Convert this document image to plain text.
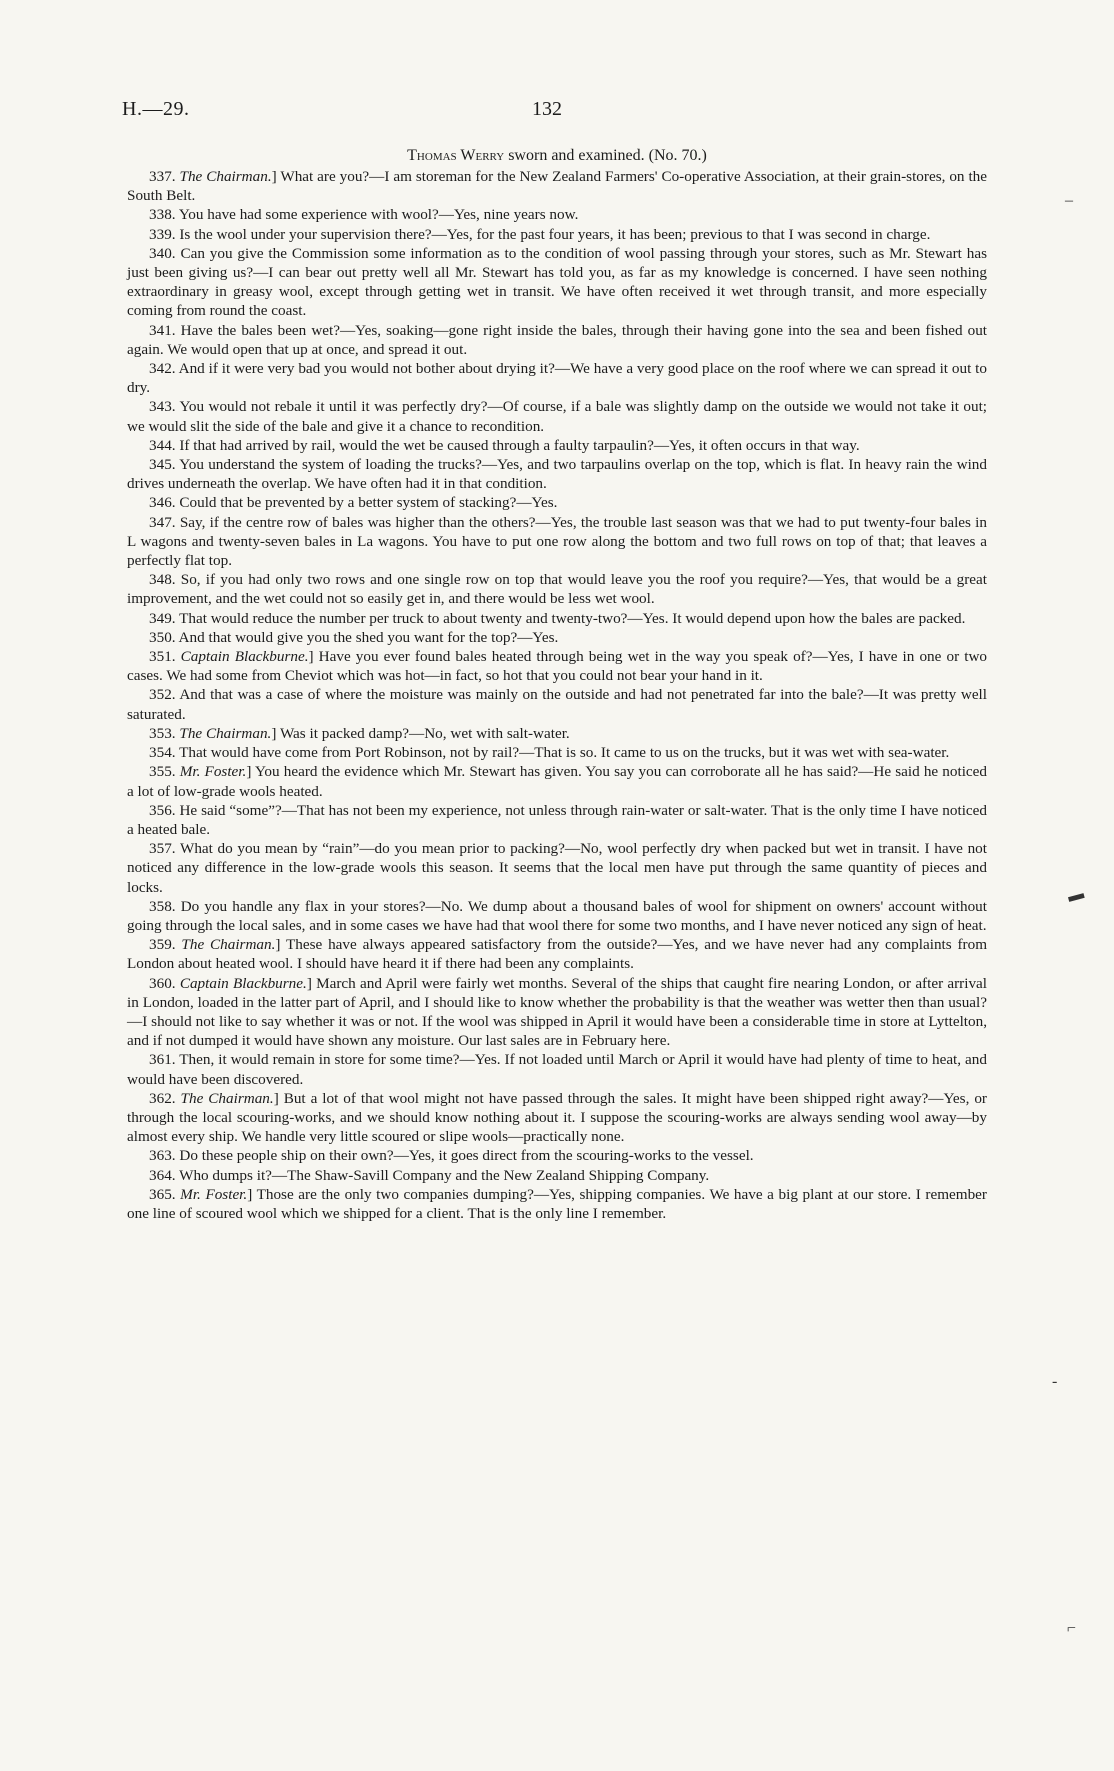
H.—29.	132
Thomas Werry sworn and examined. (No. 70.)

337. The Chairman.] What are you?—I am storeman for the New Zealand Farmers' Co-operative Association, at their grain-stores, on the South Belt.

338. You have had some experience with wool?—Yes, nine years now.

339. Is the wool under your supervision there?—Yes, for the past four years, it has been; previous to that I was second in charge.

340. Can you give the Commission some information as to the condition of wool passing through your stores, such as Mr. Stewart has just been giving us?—I can bear out pretty well all Mr. Stewart has told you, as far as my knowledge is concerned. I have seen nothing extraordinary in greasy wool, except through getting wet in transit. We have often received it wet through transit, and more especially coming from round the coast.

341. Have the bales been wet?—Yes, soaking—gone right inside the bales, through their having gone into the sea and been fished out again. We would open that up at once, and spread it out.

342. And if it were very bad you would not bother about drying it?—We have a very good place on the roof where we can spread it out to dry.

343. You would not rebale it until it was perfectly dry?—Of course, if a bale was slightly damp on the outside we would not take it out; we would slit the side of the bale and give it a chance to recondition.

344. If that had arrived by rail, would the wet be caused through a faulty tarpaulin?—Yes, it often occurs in that way.

345. You understand the system of loading the trucks?—Yes, and two tarpaulins overlap on the top, which is flat. In heavy rain the wind drives underneath the overlap. We have often had it in that condition.

346. Could that be prevented by a better system of stacking?—Yes.

347. Say, if the centre row of bales was higher than the others?—Yes, the trouble last season was that we had to put twenty-four bales in L wagons and twenty-seven bales in La wagons. You have to put one row along the bottom and two full rows on top of that; that leaves a perfectly flat top.

348. So, if you had only two rows and one single row on top that would leave you the roof you require?—Yes, that would be a great improvement, and the wet could not so easily get in, and there would be less wet wool.

349. That would reduce the number per truck to about twenty and twenty-two?—Yes. It would depend upon how the bales are packed.

350. And that would give you the shed you want for the top?—Yes.

351. Captain Blackburne.] Have you ever found bales heated through being wet in the way you speak of?—Yes, I have in one or two cases. We had some from Cheviot which was hot—in fact, so hot that you could not bear your hand in it.

352. And that was a case of where the moisture was mainly on the outside and had not penetrated far into the bale?—It was pretty well saturated.

353. The Chairman.] Was it packed damp?—No, wet with salt-water.

354. That would have come from Port Robinson, not by rail?—That is so. It came to us on the trucks, but it was wet with sea-water.

355. Mr. Foster.] You heard the evidence which Mr. Stewart has given. You say you can corroborate all he has said?—He said he noticed a lot of low-grade wools heated.

356. He said “some”?—That has not been my experience, not unless through rain-water or salt-water. That is the only time I have noticed a heated bale.

357. What do you mean by “rain”—do you mean prior to packing?—No, wool perfectly dry when packed but wet in transit. I have not noticed any difference in the low-grade wools this season. It seems that the local men have put through the same quantity of pieces and locks.

358. Do you handle any flax in your stores?—No. We dump about a thousand bales of wool for shipment on owners' account without going through the local sales, and in some cases we have had that wool there for some two months, and I have never noticed any sign of heat.

359. The Chairman.] These have always appeared satisfactory from the outside?—Yes, and we have never had any complaints from London about heated wool. I should have heard it if there had been any complaints.

360. Captain Blackburne.] March and April were fairly wet months. Several of the ships that caught fire nearing London, or after arrival in London, loaded in the latter part of April, and I should like to know whether the probability is that the weather was wetter then than usual?—I should not like to say whether it was or not. If the wool was shipped in April it would have been a considerable time in store at Lyttelton, and if not dumped it would have shown any moisture. Our last sales are in February here.

361. Then, it would remain in store for some time?—Yes. If not loaded until March or April it would have had plenty of time to heat, and would have been discovered.

362. The Chairman.] But a lot of that wool might not have passed through the sales. It might have been shipped right away?—Yes, or through the local scouring-works, and we should know nothing about it. I suppose the scouring-works are always sending wool away—by almost every ship. We handle very little scoured or slipe wools—practically none.

363. Do these people ship on their own?—Yes, it goes direct from the scouring-works to the vessel.

364. Who dumps it?—The Shaw-Savill Company and the New Zealand Shipping Company.

365. Mr. Foster.] Those are the only two companies dumping?—Yes, shipping companies. We have a big plant at our store. I remember one line of scoured wool which we shipped for a client. That is the only line I remember.

–
▬
-
⌐
